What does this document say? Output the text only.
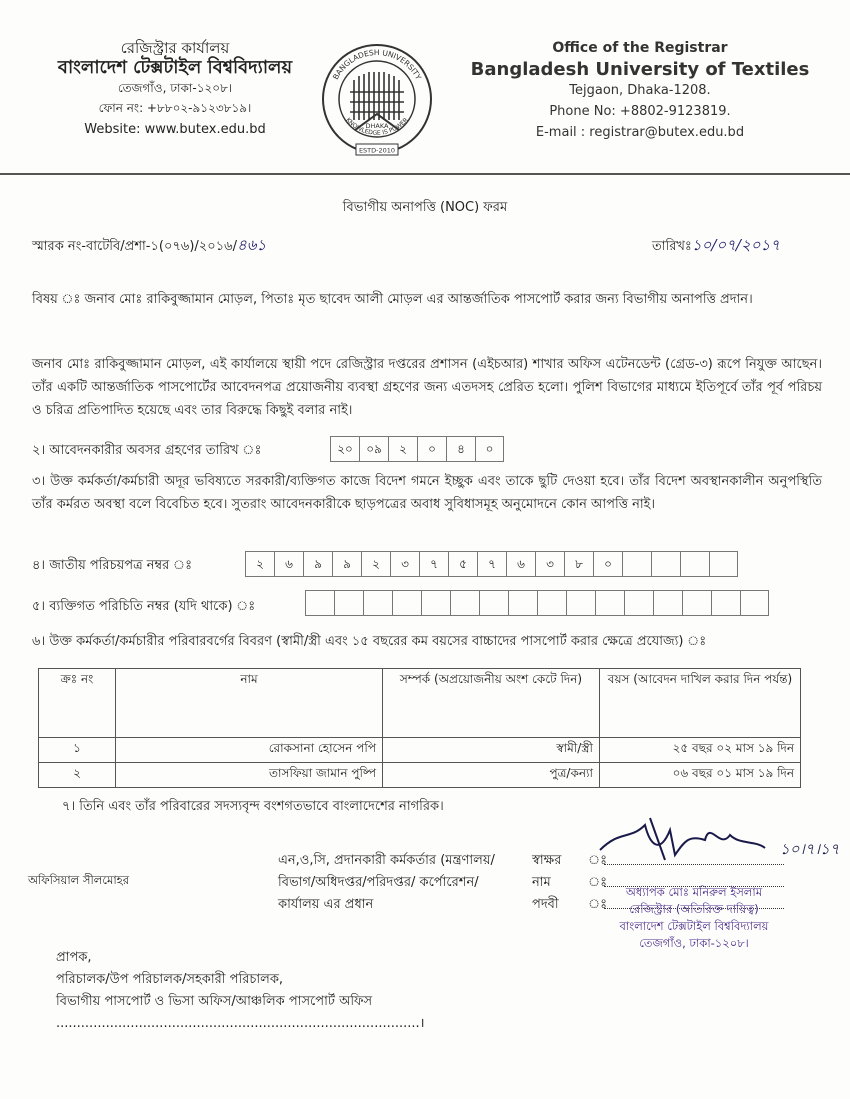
রেজিস্ট্রার কার্যালয়
বাংলাদেশ টেক্সটাইল বিশ্ববিদ্যালয়
তেজগাঁও, ঢাকা-১২০৮।
ফোন নং: +৮৮০২-৯১২৩৮১৯।
Website: www.butex.edu.bd
BANGLADESH UNIVERSITY
KNOWLEDGE IS POWER
DHAKA
ESTD-2010
Office of the Registrar
Bangladesh University of Textiles
Tejgaon, Dhaka-1208.
Phone No: +8802-9123819.
E-mail : registrar@butex.edu.bd
বিভাগীয় অনাপত্তি (NOC) ফরম
স্মারক নং-বাটেবি/প্রশা-১(০৭৬)/২০১৬/৪৬১	তারিখঃ১০/০৭/২০১৭
বিষয় ঃ জনাব মোঃ রাকিবুজ্জামান মোড়ল, পিতাঃ মৃত ছাবেদ আলী মোড়ল এর আন্তর্জাতিক পাসপোর্ট করার জন্য বিভাগীয় অনাপত্তি প্রদান।
জনাব মোঃ রাকিবুজ্জামান মোড়ল, এই কার্যালয়ে স্থায়ী পদে রেজিস্ট্রার দপ্তরের প্রশাসন (এইচআর) শাখার অফিস এটেনডেন্ট (গ্রেড-৩) রূপে নিযুক্ত আছেন। তাঁর একটি আন্তর্জাতিক পাসপোর্টের আবেদনপত্র প্রয়োজনীয় ব্যবস্থা গ্রহণের জন্য এতদসহ প্রেরিত হলো। পুলিশ বিভাগের মাধ্যমে ইতিপূর্বে তাঁর পূর্ব পরিচয় ও চরিত্র প্রতিপাদিত হয়েছে এবং তার বিরুদ্ধে কিছুই বলার নাই।
২। আবেদনকারীর অবসর গ্রহণের তারিখ ঃ	২০	০৯	২	০	৪	০
৩। উক্ত কর্মকর্তা/কর্মচারী অদূর ভবিষ্যতে সরকারী/ব্যক্তিগত কাজে বিদেশ গমনে ইচ্ছুক এবং তাকে ছুটি দেওয়া হবে। তাঁর বিদেশ অবস্থানকালীন অনুপস্থিতি তাঁর কর্মরত অবস্থা বলে বিবেচিত হবে। সুতরাং আবেদনকারীকে ছাড়পত্রের অবাধ সুবিধাসমূহ অনুমোদনে কোন আপত্তি নাই।
৪। জাতীয় পরিচয়পত্র নম্বর ঃ	২	৬	৯	৯	২	৩	৭	৫	৭	৬	৩	৮	০
৫। ব্যক্তিগত পরিচিতি নম্বর (যদি থাকে) ঃ
৬। উক্ত কর্মকর্তা/কর্মচারীর পরিবারবর্গের বিবরণ (স্বামী/স্ত্রী এবং ১৫ বছরের কম বয়সের বাচ্চাদের পাসপোর্ট করার ক্ষেত্রে প্রযোজ্য) ঃ
ক্রঃ নং	নাম	সম্পর্ক (অপ্রয়োজনীয় অংশ কেটে দিন)	বয়স (আবেদন দাখিল করার দিন পর্যন্ত)
১	রোকসানা হোসেন পপি	স্বামী/স্ত্রী	২৫ বছর ০২ মাস ১৯ দিন
২	তাসফিয়া জামান পুষ্পি	পুত্র/কন্যা	০৬ বছর ০১ মাস ১৯ দিন
৭। তিনি এবং তাঁর পরিবারের সদস্যবৃন্দ বংশগতভাবে বাংলাদেশের নাগরিক।
অফিসিয়াল সীলমোহর
এন,ও,সি, প্রদানকারী কর্মকর্তার (মন্ত্রণালয়/বিভাগ/অধিদপ্তর/পরিদপ্তর/ কর্পোরেশন/কার্যালয় এর প্রধান
স্বাক্ষর
নাম
পদবী
ঃ
ঃ
ঃ
১০।৭।১৭
অধ্যাপক মোঃ মনিরুল ইসলাম
রেজিস্ট্রার (অতিরিক্ত দায়িত্ব)
বাংলাদেশ টেক্সটাইল বিশ্ববিদ্যালয়
তেজগাঁও, ঢাকা-১২০৮।
প্রাপক,
পরিচালক/উপ পরিচালক/সহকারী পরিচালক,
বিভাগীয় পাসপোর্ট ও ভিসা অফিস/আঞ্চলিক পাসপোর্ট অফিস
........................................................................................।
